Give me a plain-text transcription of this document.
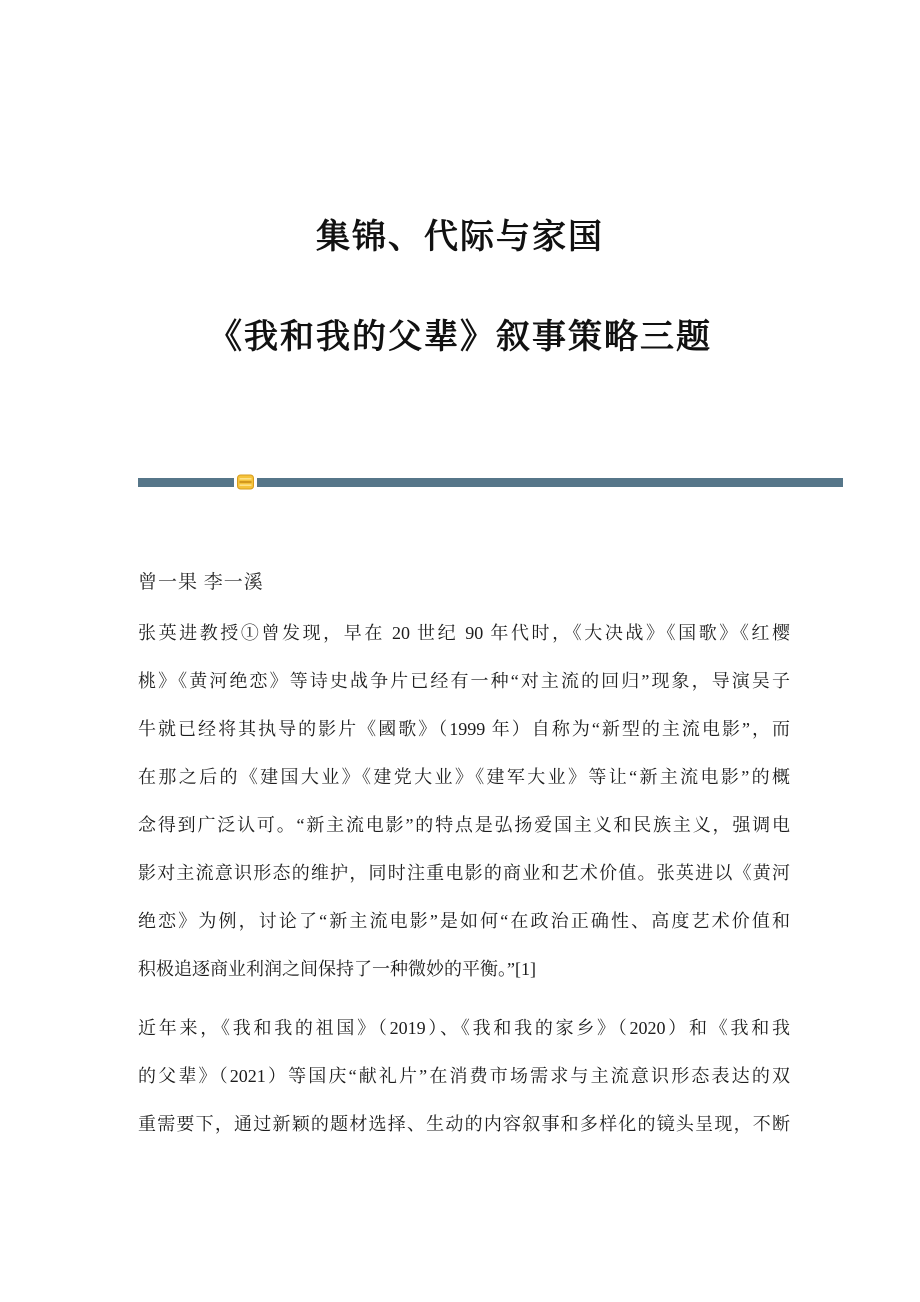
集锦、代际与家国
《我和我的父辈》叙事策略三题
曾一果 李一溪
张英进教授①曾发现，早在 20 世纪 90 年代时，《大决战》《国歌》《红樱
桃》《黄河绝恋》等诗史战争片已经有一种“对主流的回归”现象，导演吴子
牛就已经将其执导的影片《國歌》（1999 年）自称为“新型的主流电影”，而
在那之后的《建国大业》《建党大业》《建军大业》等让“新主流电影”的概
念得到广泛认可。“新主流电影”的特点是弘扬爱国主义和民族主义，强调电
影对主流意识形态的维护，同时注重电影的商业和艺术价值。张英进以《黄河
绝恋》为例，讨论了“新主流电影”是如何“在政治正确性、高度艺术价值和
积极追逐商业利润之间保持了一种微妙的平衡。”[1]
近年来，《我和我的祖国》（2019）、《我和我的家乡》（2020）和《我和我
的父辈》（2021）等国庆“献礼片”在消费市场需求与主流意识形态表达的双
重需要下，通过新颖的题材选择、生动的内容叙事和多样化的镜头呈现，不断
